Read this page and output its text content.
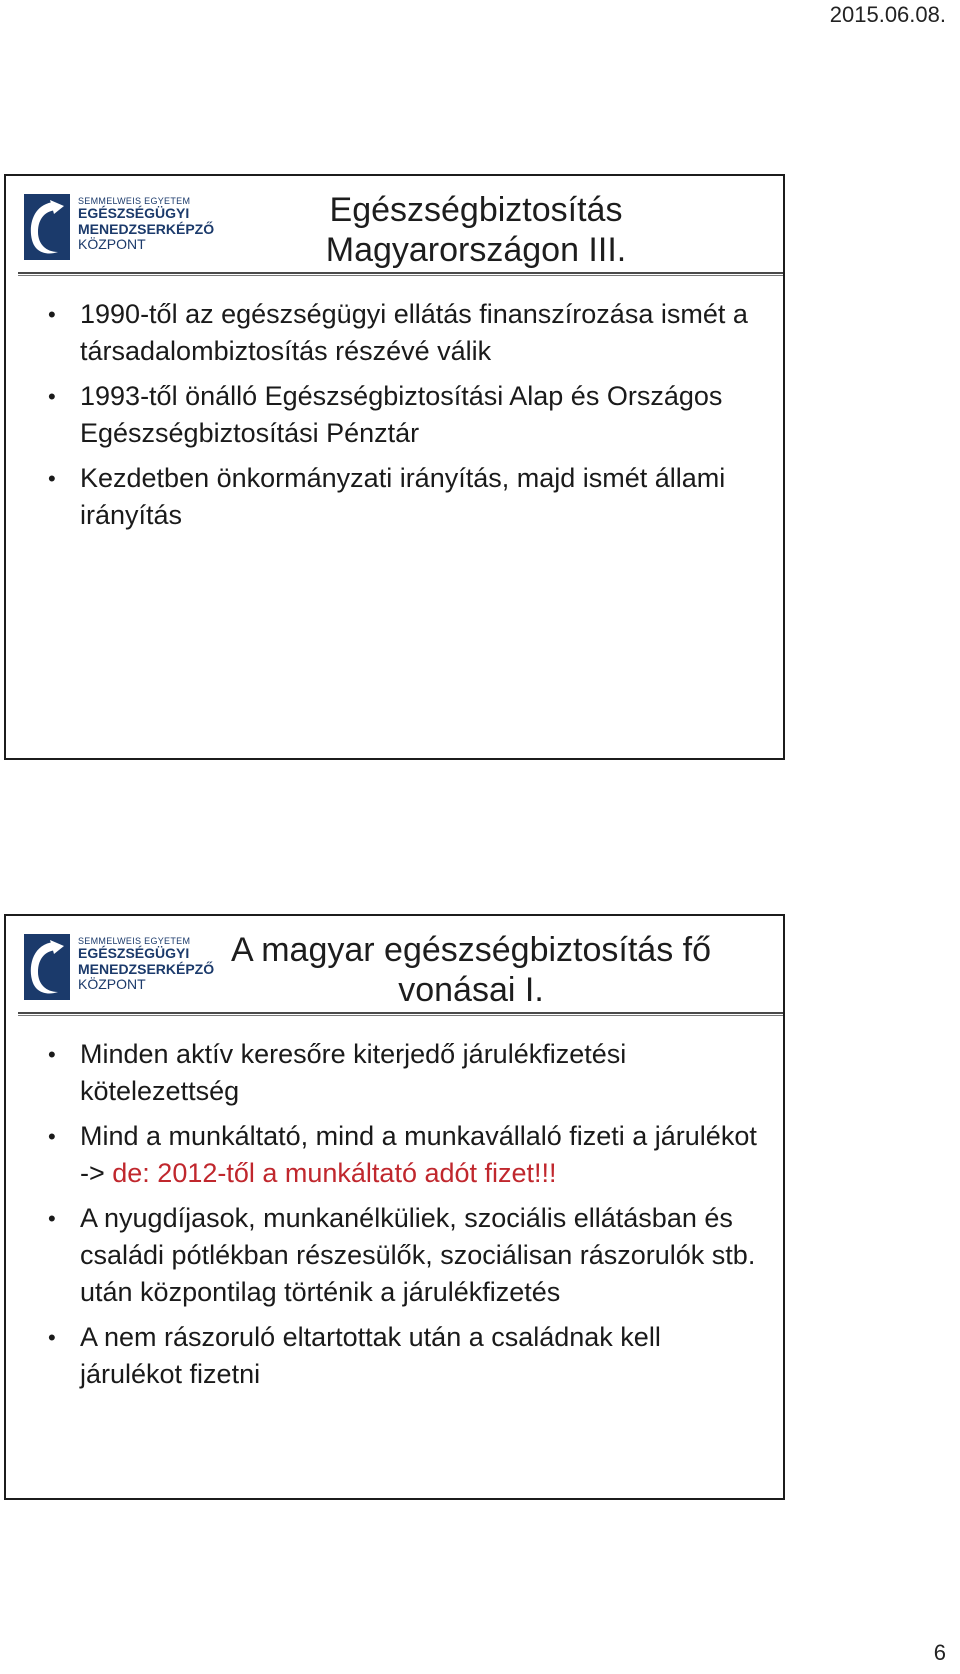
2015.06.08.
SEMMELWEIS EGYETEM
EGÉSZSÉGÜGYI
MENEDZSERKÉPZŐ
KÖZPONT
Egészségbiztosítás Magyarországon III.
• 1990-től az egészségügyi ellátás finanszírozása ismét a társadalombiztosítás részévé válik
• 1993-től önálló Egészségbiztosítási Alap és Országos Egészségbiztosítási Pénztár
• Kezdetben önkormányzati irányítás, majd ismét állami irányítás
SEMMELWEIS EGYETEM
EGÉSZSÉGÜGYI
MENEDZSERKÉPZŐ
KÖZPONT
A magyar egészségbiztosítás fő vonásai I.
• Minden aktív keresőre kiterjedő járulékfizetési kötelezettség
• Mind a munkáltató, mind a munkavállaló fizeti a járulékot -> de: 2012-től a munkáltató adót fizet!!!
• A nyugdíjasok, munkanélküliek, szociális ellátásban és családi pótlékban részesülők, szociálisan rászorulók stb. után központilag történik a járulékfizetés
• A nem rászoruló eltartottak után a családnak kell járulékot fizetni
6
